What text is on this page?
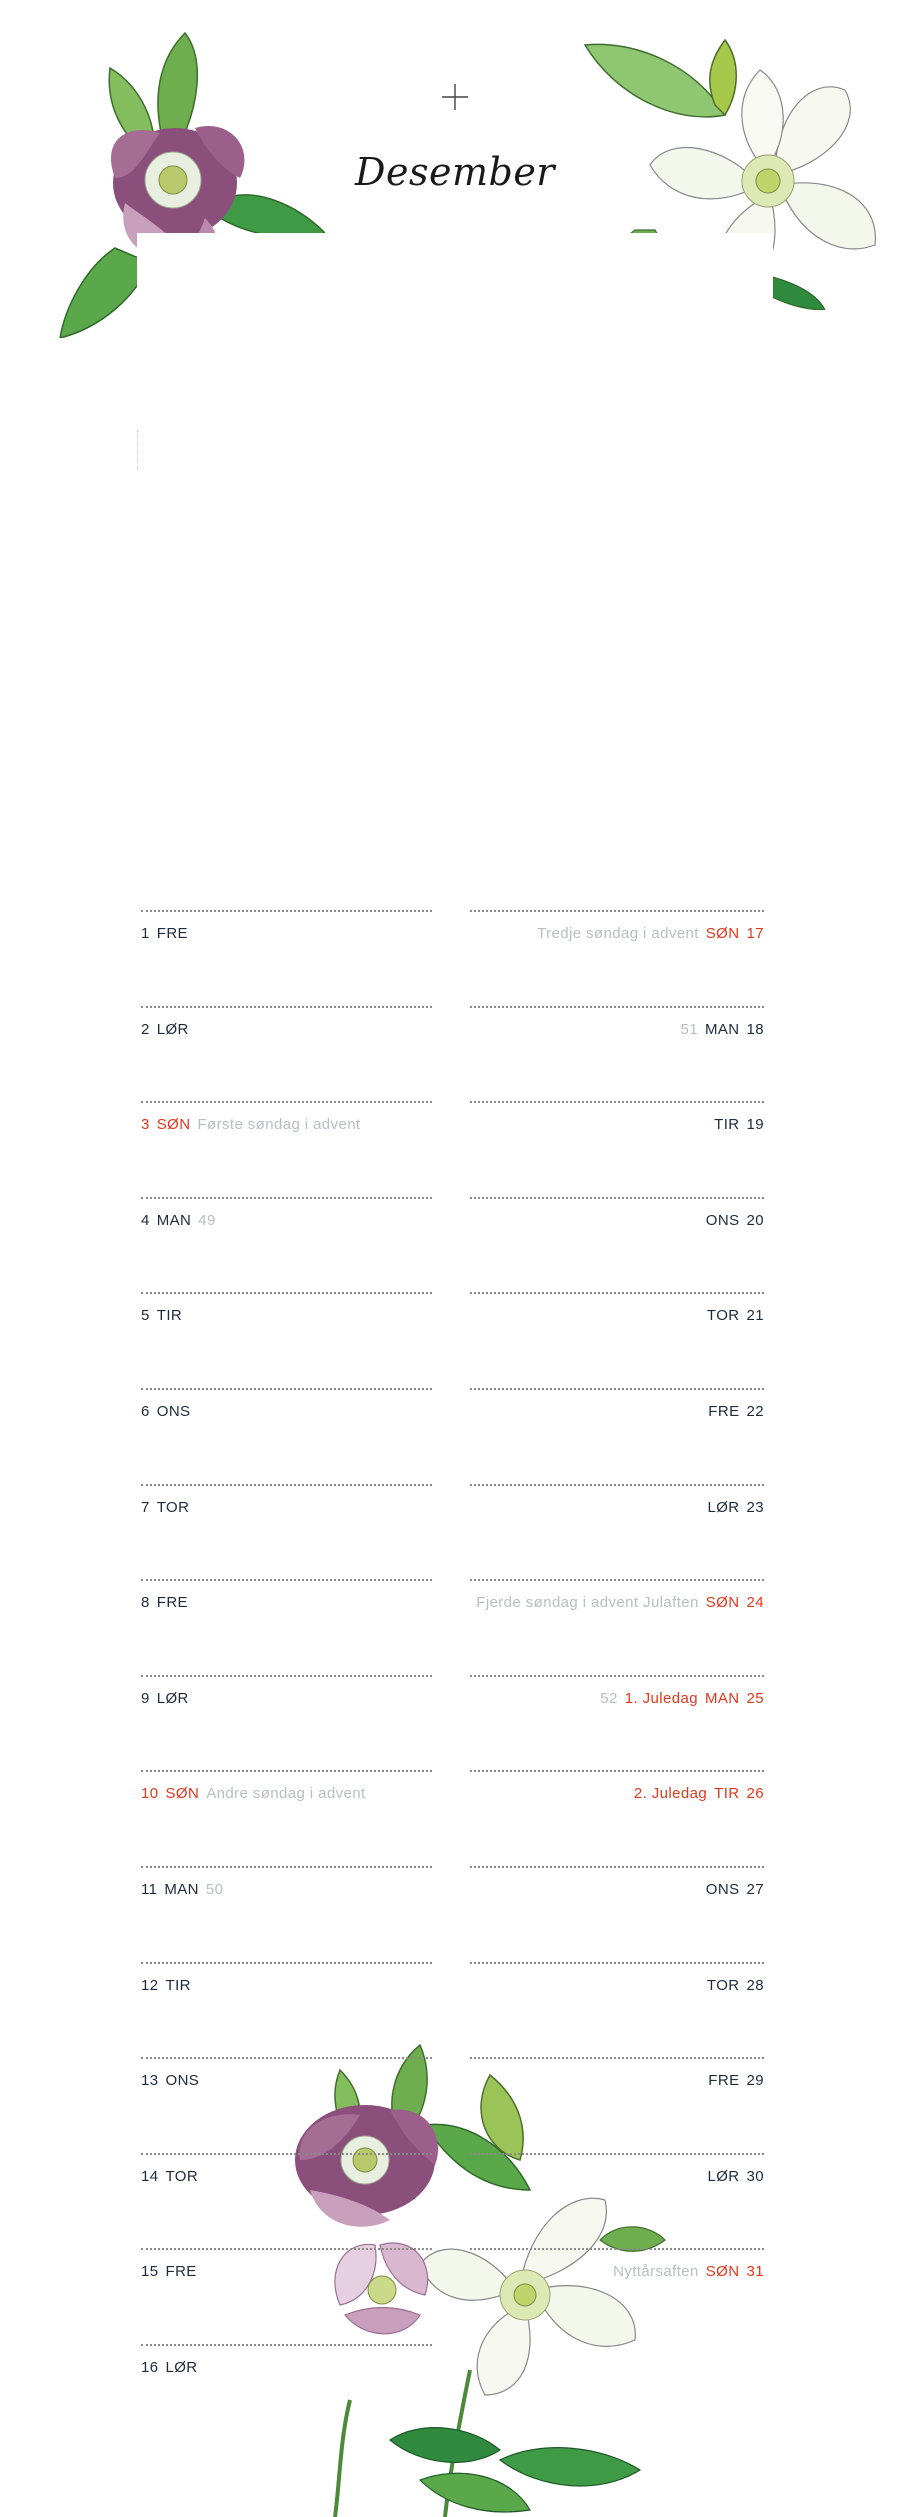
Desember
1 FRE
2 LØR
3 SØN Første søndag i advent
4 MAN 49
5 TIR
6 ONS
7 TOR
8 FRE
9 LØR
10 SØN Andre søndag i advent
11 MAN 50
12 TIR
13 ONS
14 TOR
15 FRE
16 LØR
Tredje søndag i advent SØN 17
51 MAN 18
TIR 19
ONS 20
TOR 21
FRE 22
LØR 23
Fjerde søndag i advent Julaften SØN 24
52 1. Juledag MAN 25
2. Juledag TIR 26
ONS 27
TOR 28
FRE 29
LØR 30
Nyttårsaften SØN 31
